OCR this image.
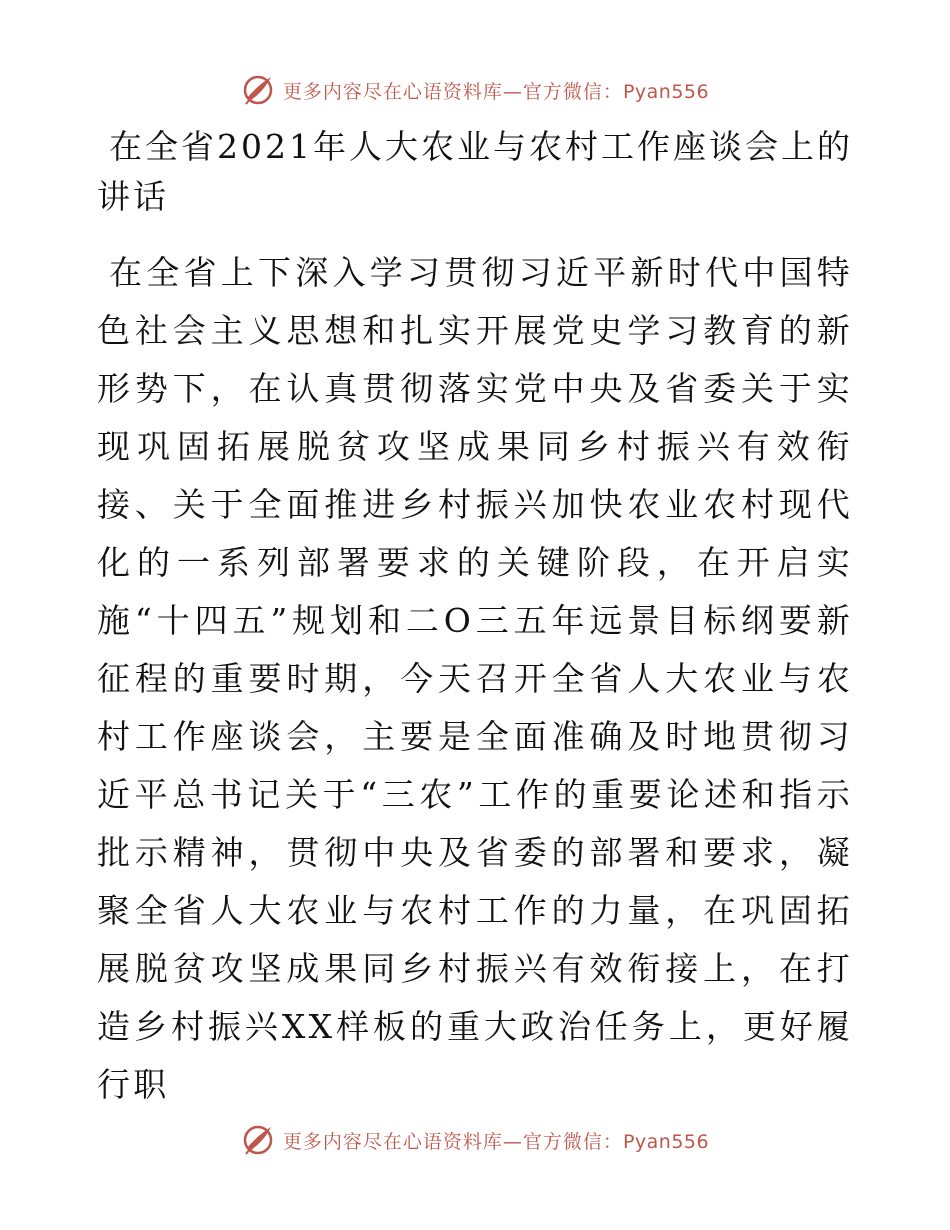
更多内容尽在心语资料库—官方微信：Pyan556
在全省2021年人大农业与农村工作座谈会上的讲话

在全省上下深入学习贯彻习近平新时代中国特色社会主义思想和扎实开展党史学习教育的新形势下，在认真贯彻落实党中央及省委关于实现巩固拓展脱贫攻坚成果同乡村振兴有效衔接、关于全面推进乡村振兴加快农业农村现代化的一系列部署要求的关键阶段，在开启实施“十四五”规划和二O三五年远景目标纲要新征程的重要时期，今天召开全省人大农业与农村工作座谈会，主要是全面准确及时地贯彻习近平总书记关于“三农”工作的重要论述和指示批示精神，贯彻中央及省委的部署和要求，凝聚全省人大农业与农村工作的力量，在巩固拓展脱贫攻坚成果同乡村振兴有效衔接上，在打造乡村振兴XX样板的重大政治任务上，更好履行职

更多内容尽在心语资料库—官方微信：Pyan556
